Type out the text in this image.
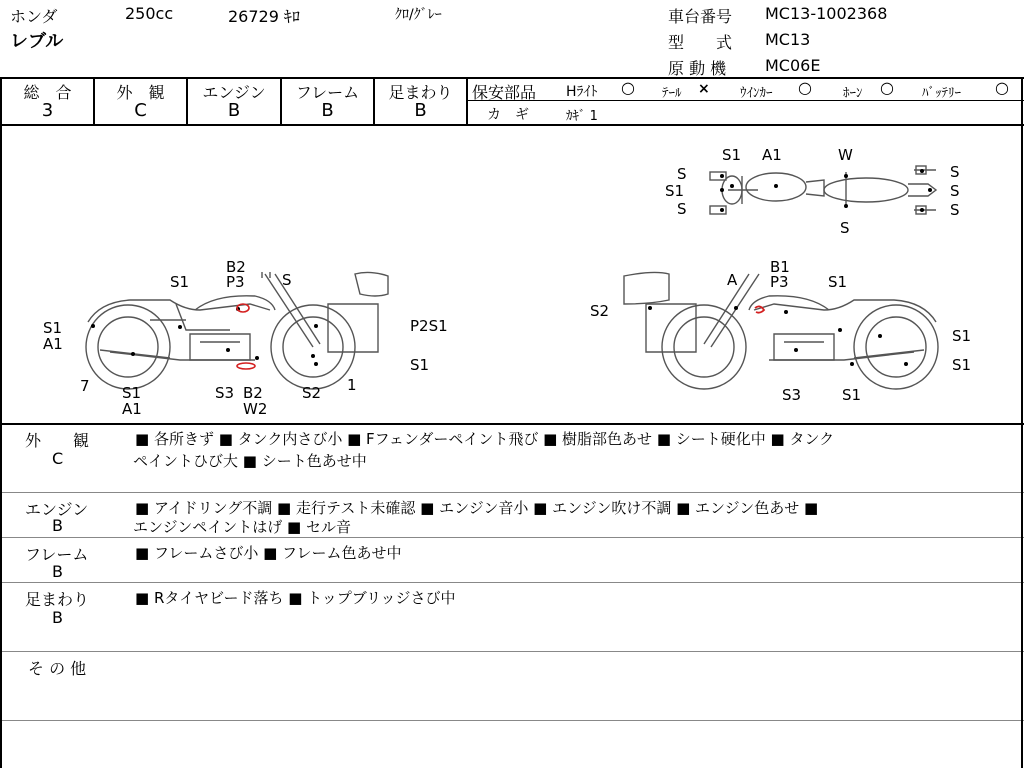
ホンダ
レブル
250cc	26729 ｷﾛ	ｸﾛ/ｸﾞﾚｰ	車台番号 MC13-1002368
型　　式 MC13
原 動 機 MC06E
総　合
3
外　観
C
エンジン
B
フレーム
B
足まわり
B
保安部品 Hﾗｲﾄ ○ ﾃｰﾙ × ｳｲﾝｶｰ ○ ﾎｰﾝ ○ ﾊﾞｯﾃﾘｰ ○
カ　ギ	ｶｷﾞ 1
S1 A1	W
S
S1
S
S
S
S
S
B2
P3 S
S1
S1
A1
P2S1
S1
7 S1
A1
S3 B2
W2
S2 1
A
B1
P3	S1
S2
S1
S1
S3	S1
外　　観
C
■ 各所きず ■ タンク内さび小 ■ Fフェンダーペイント飛び ■ 樹脂部色あせ ■ シート硬化中 ■ タンク
ペイントひび大 ■ シート色あせ中
エンジン
B
■ アイドリング不調 ■ 走行テスト未確認 ■ エンジン音小 ■ エンジン吹け不調 ■ エンジン色あせ ■
エンジンペイントはげ ■ セル音
フレーム
B
■ フレームさび小 ■ フレーム色あせ中
足まわり
B
■ Rタイヤビード落ち ■ トップブリッジさび中
そ の 他
